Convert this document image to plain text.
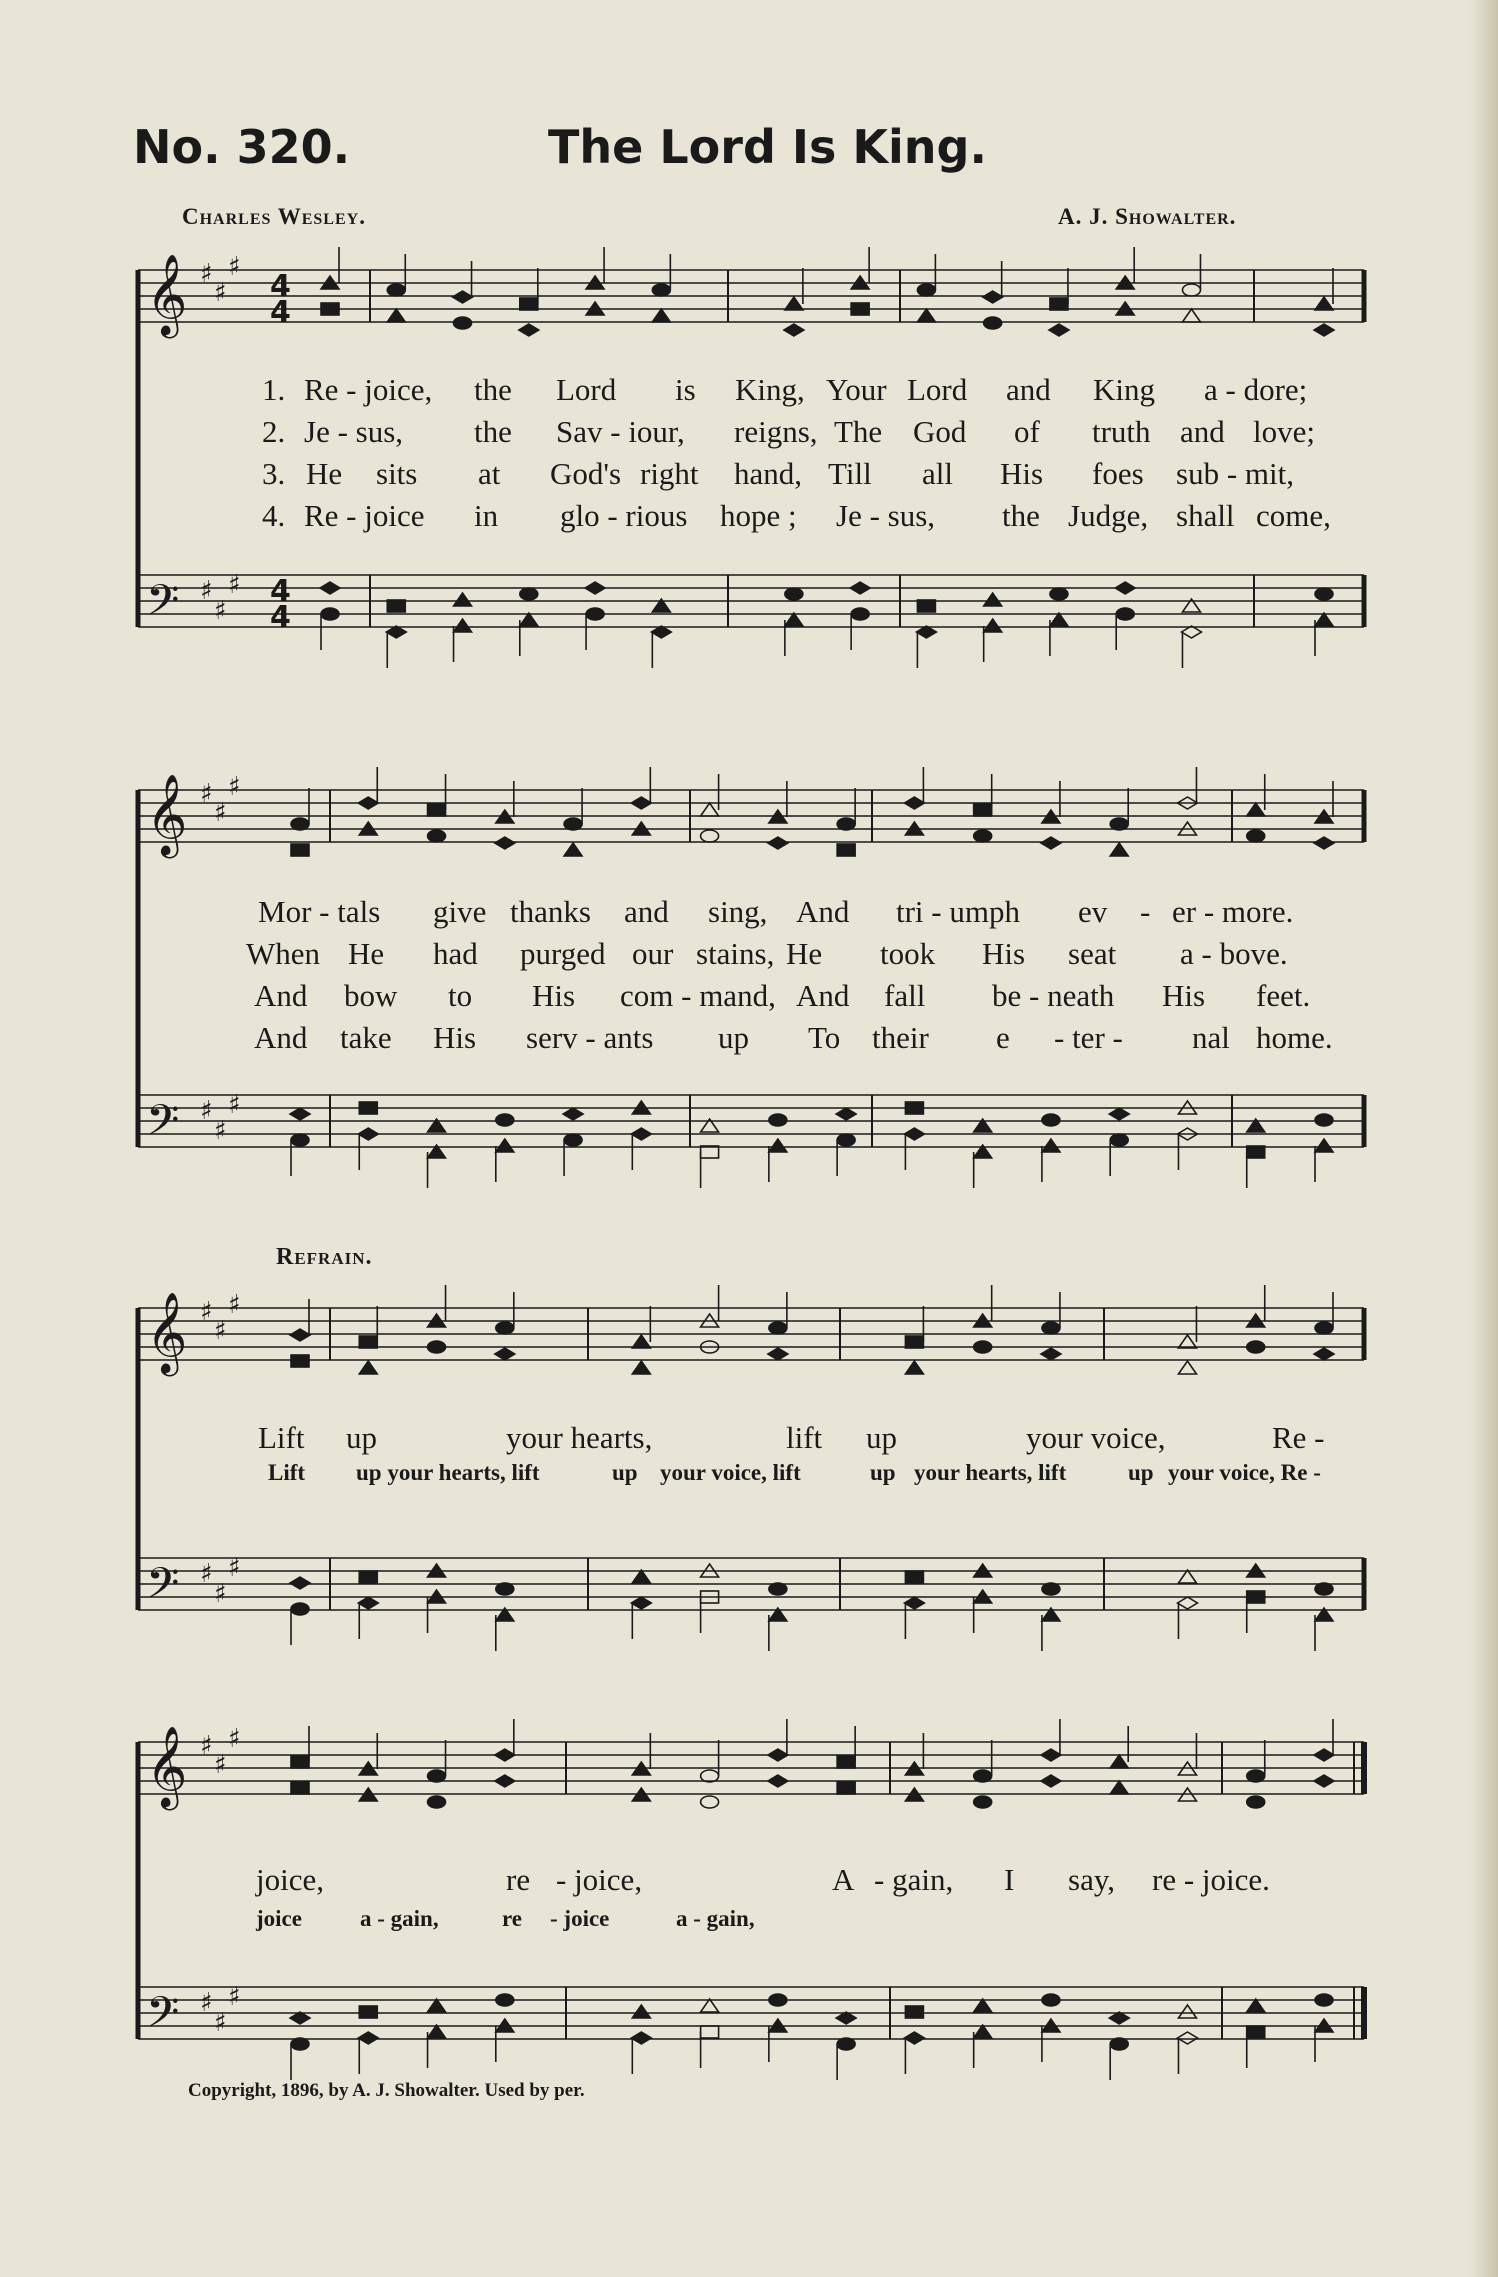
No. 320.	The Lord Is King.
Charles Wesley.	A. J. Showalter.
𝄞 ♯
♯
♯
𝄢 ♯
♯
♯
4
4
4
4
𝄞 ♯
♯
♯
𝄢 ♯
♯
♯
𝄞 ♯
♯
♯
𝄢 ♯
♯
♯
𝄞 ♯
♯
♯
𝄢 ♯
♯
♯
1. Re - joice, the Lord is King, Your Lord and King a - dore;
2. Je - sus, the Sav - iour, reigns, The God of truth and love;
3. He sits at God's right hand, Till all His foes sub - mit,
4. Re - joice in glo - rious hope ; Je - sus, the Judge, shall come,
Mor - tals give thanks and sing, And tri - umph ev - er - more.
When He had purged our stains, He took His seat a - bove.
And bow to His com - mand, And fall be - neath His feet.
And take His serv - ants up To their e - ter - nal home.
Refrain.
Lift up	your hearts,	lift up	your voice,	Re -
Lift up your hearts, lift	up your voice, lift	up your hearts, lift	up your voice, Re -
joice,	re - joice,	A - gain, I say, re - joice.
joice	a - gain,	re - joice	a - gain,
Copyright, 1896, by A. J. Showalter. Used by per.
